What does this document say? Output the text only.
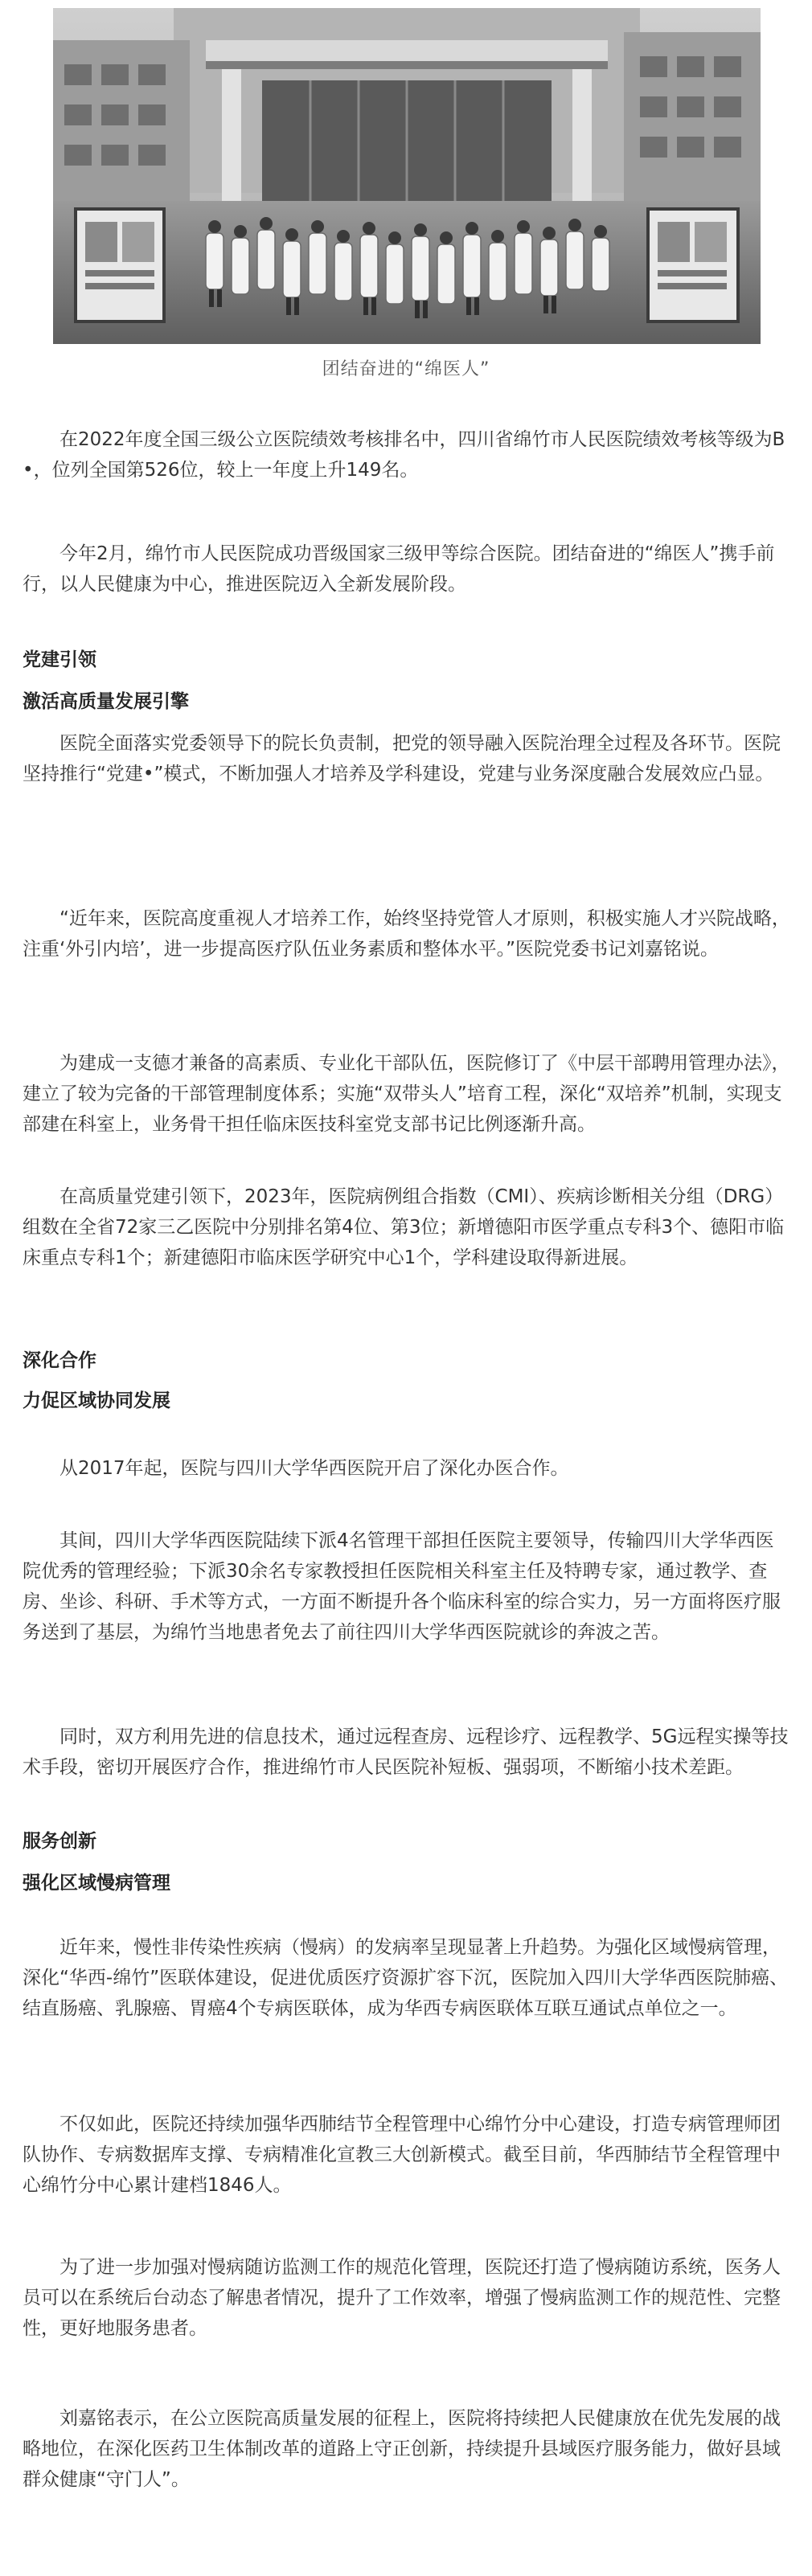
团结奋进的“绵医人”

在2022年度全国三级公立医院绩效考核排名中，四川省绵竹市人民医院绩效考核等级为B •，位列全国第526位，较上一年度上升149名。

今年2月，绵竹市人民医院成功晋级国家三级甲等综合医院。团结奋进的“绵医人”携手前行，以人民健康为中心，推进医院迈入全新发展阶段。

党建引领
激活高质量发展引擎

医院全面落实党委领导下的院长负责制，把党的领导融入医院治理全过程及各环节。医院坚持推行“党建•”模式，不断加强人才培养及学科建设，党建与业务深度融合发展效应凸显。

“近年来，医院高度重视人才培养工作，始终坚持党管人才原则，积极实施人才兴院战略，注重‘外引内培’，进一步提高医疗队伍业务素质和整体水平。”医院党委书记刘嘉铭说。

为建成一支德才兼备的高素质、专业化干部队伍，医院修订了《中层干部聘用管理办法》，建立了较为完备的干部管理制度体系；实施“双带头人”培育工程，深化“双培养”机制，实现支部建在科室上，业务骨干担任临床医技科室党支部书记比例逐渐升高。

在高质量党建引领下，2023年，医院病例组合指数（CMI）、疾病诊断相关分组（DRG）组数在全省72家三乙医院中分别排名第4位、第3位；新增德阳市医学重点专科3个、德阳市临床重点专科1个；新建德阳市临床医学研究中心1个，学科建设取得新进展。

深化合作
力促区域协同发展

从2017年起，医院与四川大学华西医院开启了深化办医合作。

其间，四川大学华西医院陆续下派4名管理干部担任医院主要领导，传输四川大学华西医院优秀的管理经验；下派30余名专家教授担任医院相关科室主任及特聘专家，通过教学、查房、坐诊、科研、手术等方式，一方面不断提升各个临床科室的综合实力，另一方面将医疗服务送到了基层，为绵竹当地患者免去了前往四川大学华西医院就诊的奔波之苦。

同时，双方利用先进的信息技术，通过远程查房、远程诊疗、远程教学、5G远程实操等技术手段，密切开展医疗合作，推进绵竹市人民医院补短板、强弱项，不断缩小技术差距。

服务创新
强化区域慢病管理

近年来，慢性非传染性疾病（慢病）的发病率呈现显著上升趋势。为强化区域慢病管理，深化“华西-绵竹”医联体建设，促进优质医疗资源扩容下沉，医院加入四川大学华西医院肺癌、结直肠癌、乳腺癌、胃癌4个专病医联体，成为华西专病医联体互联互通试点单位之一。

不仅如此，医院还持续加强华西肺结节全程管理中心绵竹分中心建设，打造专病管理师团队协作、专病数据库支撑、专病精准化宣教三大创新模式。截至目前，华西肺结节全程管理中心绵竹分中心累计建档1846人。

为了进一步加强对慢病随访监测工作的规范化管理，医院还打造了慢病随访系统，医务人员可以在系统后台动态了解患者情况，提升了工作效率，增强了慢病监测工作的规范性、完整性，更好地服务患者。

刘嘉铭表示，在公立医院高质量发展的征程上，医院将持续把人民健康放在优先发展的战略地位，在深化医药卫生体制改革的道路上守正创新，持续提升县域医疗服务能力，做好县域群众健康“守门人”。
